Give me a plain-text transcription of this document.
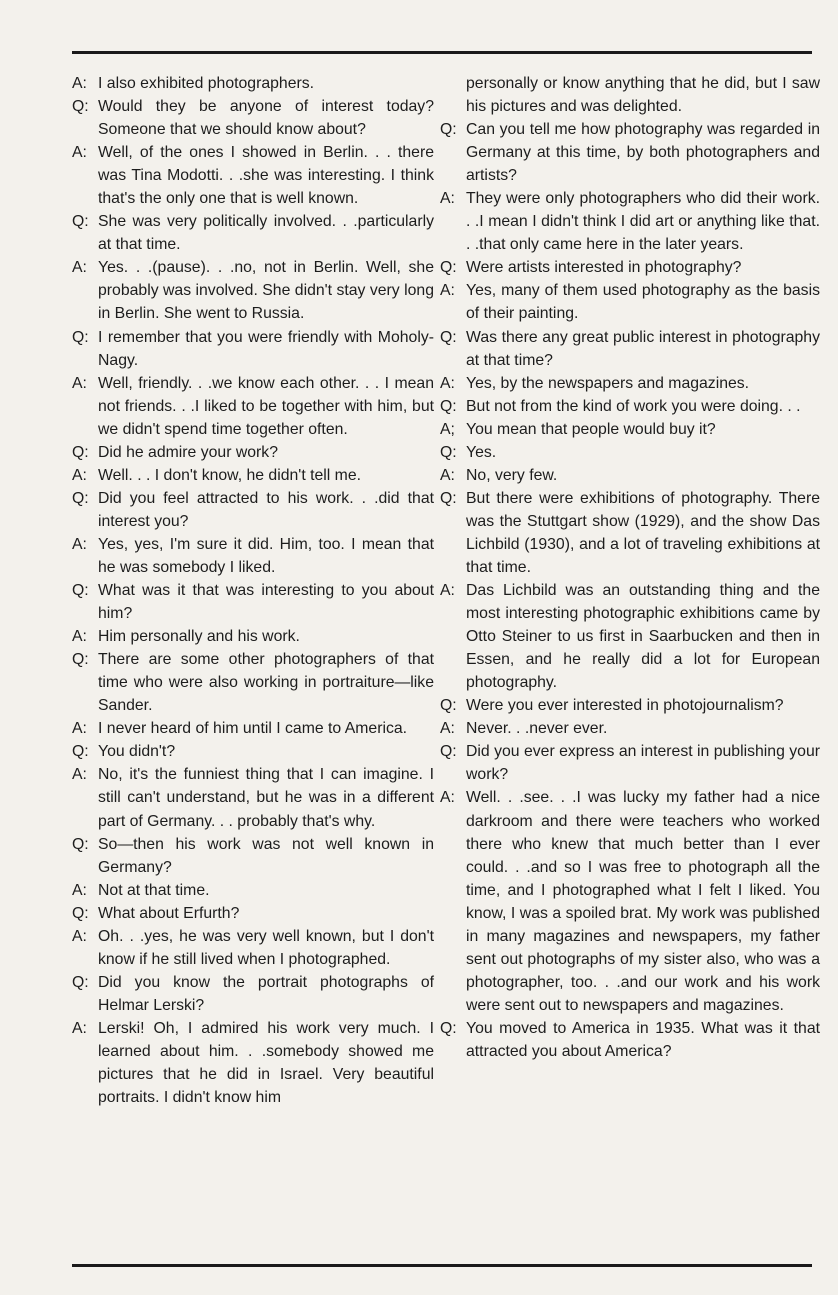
A: I also exhibited photographers.
Q: Would they be anyone of interest today? Someone that we should know about?
A: Well, of the ones I showed in Berlin. . . there was Tina Modotti. . .she was interesting. I think that's the only one that is well known.
Q: She was very politically involved. . .particularly at that time.
A: Yes. . .(pause). . .no, not in Berlin. Well, she probably was involved. She didn't stay very long in Berlin. She went to Russia.
Q: I remember that you were friendly with Moholy-Nagy.
A: Well, friendly. . .we know each other. . . I mean not friends. . .I liked to be together with him, but we didn't spend time together often.
Q: Did he admire your work?
A: Well. . . I don't know, he didn't tell me.
Q: Did you feel attracted to his work. . .did that interest you?
A: Yes, yes, I'm sure it did. Him, too. I mean that he was somebody I liked.
Q: What was it that was interesting to you about him?
A: Him personally and his work.
Q: There are some other photographers of that time who were also working in portraiture—like Sander.
A: I never heard of him until I came to America.
Q: You didn't?
A: No, it's the funniest thing that I can imagine. I still can't understand, but he was in a different part of Germany. . . probably that's why.
Q: So—then his work was not well known in Germany?
A: Not at that time.
Q: What about Erfurth?
A: Oh. . .yes, he was very well known, but I don't know if he still lived when I photographed.
Q: Did you know the portrait photographs of Helmar Lerski?
A: Lerski! Oh, I admired his work very much. I learned about him. . .somebody showed me pictures that he did in Israel. Very beautiful portraits. I didn't know him
personally or know anything that he did, but I saw his pictures and was delighted.
Q: Can you tell me how photography was regarded in Germany at this time, by both photographers and artists?
A: They were only photographers who did their work. . .I mean I didn't think I did art or anything like that. . .that only came here in the later years.
Q: Were artists interested in photography?
A: Yes, many of them used photography as the basis of their painting.
Q: Was there any great public interest in photography at that time?
A: Yes, by the newspapers and magazines.
Q: But not from the kind of work you were doing. . .
A; You mean that people would buy it?
Q: Yes.
A: No, very few.
Q: But there were exhibitions of photography. There was the Stuttgart show (1929), and the show Das Lichbild (1930), and a lot of traveling exhibitions at that time.
A: Das Lichbild was an outstanding thing and the most interesting photographic exhibitions came by Otto Steiner to us first in Saarbucken and then in Essen, and he really did a lot for European photography.
Q: Were you ever interested in photojournalism?
A: Never. . .never ever.
Q: Did you ever express an interest in publishing your work?
A: Well. . .see. . .I was lucky my father had a nice darkroom and there were teachers who worked there who knew that much better than I ever could. . .and so I was free to photograph all the time, and I photographed what I felt I liked. You know, I was a spoiled brat. My work was published in many magazines and newspapers, my father sent out photographs of my sister also, who was a photographer, too. . .and our work and his work were sent out to newspapers and magazines.
Q: You moved to America in 1935. What was it that attracted you about America?
